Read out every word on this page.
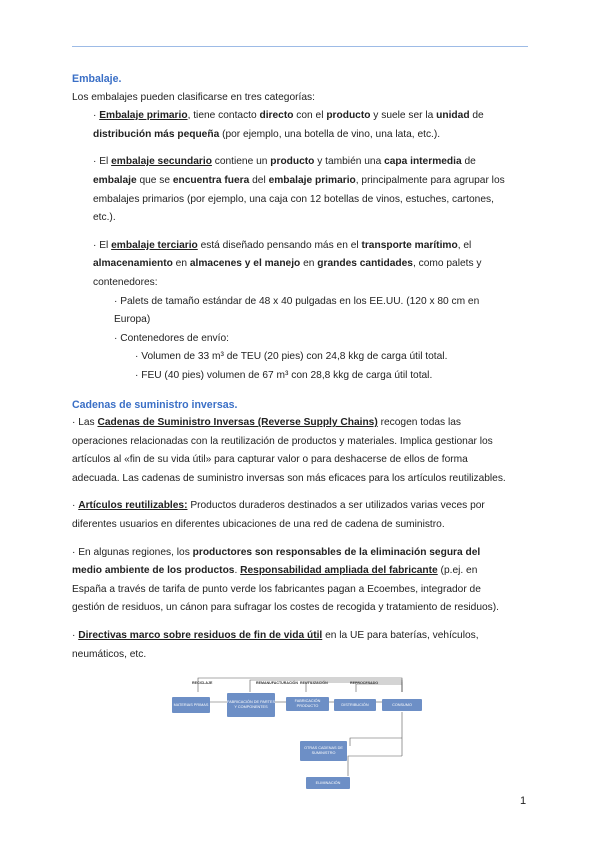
Embalaje.

Los embalajes pueden clasificarse en tres categorías:

· Embalaje primario, tiene contacto directo con el producto y suele ser la unidad de
distribución más pequeña (por ejemplo, una botella de vino, una lata, etc.).

· El embalaje secundario contiene un producto y también una capa intermedia de
embalaje que se encuentra fuera del embalaje primario, principalmente para agrupar los
embalajes primarios (por ejemplo, una caja con 12 botellas de vinos, estuches, cartones,
etc.).

· El embalaje terciario está diseñado pensando más en el transporte marítimo, el
almacenamiento en almacenes y el manejo en grandes cantidades, como palets y
contenedores:

· Palets de tamaño estándar de 48 x 40 pulgadas en los EE.UU. (120 x 80 cm en
Europa)

· Contenedores de envío:

· Volumen de 33 m³ de TEU (20 pies) con 24,8 kkg de carga útil total.

· FEU (40 pies) volumen de 67 m³ con 28,8 kkg de carga útil total.

Cadenas de suministro inversas.

· Las Cadenas de Suministro Inversas (Reverse Supply Chains) recogen todas las
operaciones relacionadas con la reutilización de productos y materiales. Implica gestionar los
artículos al «fin de su vida útil» para capturar valor o para deshacerse de ellos de forma
adecuada. Las cadenas de suministro inversas son más eficaces para los artículos reutilizables.

· Artículos reutilizables: Productos duraderos destinados a ser utilizados varias veces por
diferentes usuarios en diferentes ubicaciones de una red de cadena de suministro.

· En algunas regiones, los productores son responsables de la eliminación segura del
medio ambiente de los productos. Responsabilidad ampliada del fabricante (p.ej. en
España a través de tarifa de punto verde los fabricantes pagan a Ecoembes, integrador de
gestión de residuos, un cánon para sufragar los costes de recogida y tratamiento de residuos).

· Directivas marco sobre residuos de fin de vida útil en la UE para baterías, vehículos,
neumáticos, etc.

RECICLAJE	REMANUFACTURACIÓN REUTILIZACIÓN	REPROCESADO
MATERIAS PRIMAS
FABRICACIÓN DE PARTES Y COMPONENTES
FABRICACIÓN PRODUCTO	DISTRIBUCIÓN	CONSUMO
OTRAS CADENAS DE SUMINISTRO
ELIMINACIÓN
1
